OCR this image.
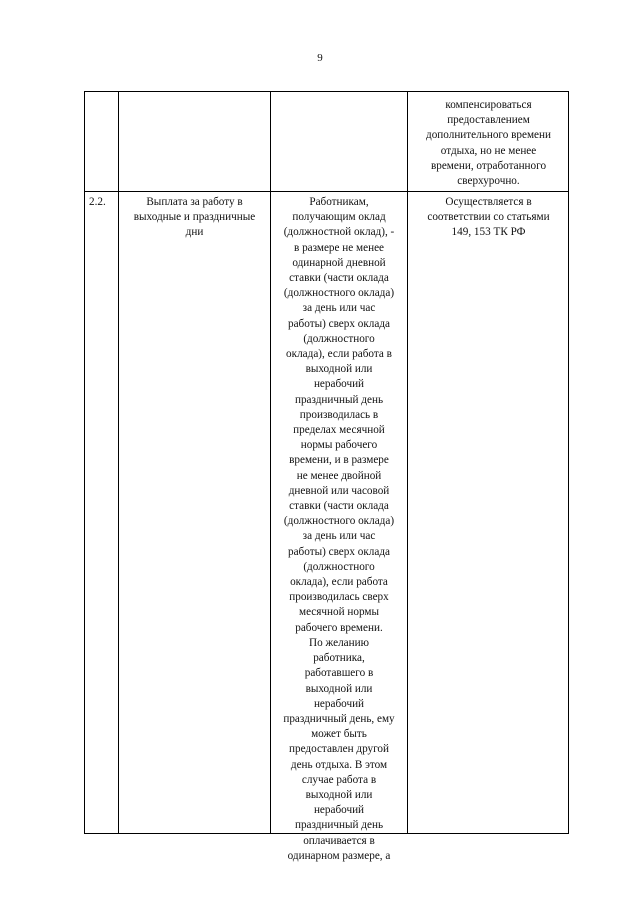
9
компенсироваться
предоставлением
дополнительного времени
отдыха, но не менее
времени, отработанного
сверхурочно.
2.2.	Выплата за работу в
выходные и праздничные
дни
Работникам,
получающим оклад
(должностной оклад), -
в размере не менее
одинарной дневной
ставки (части оклада
(должностного оклада)
за день или час
работы) сверх оклада
(должностного
оклада), если работа в
выходной или
нерабочий
праздничный день
производилась в
пределах месячной
нормы рабочего
времени, и в размере
не менее двойной
дневной или часовой
ставки (части оклада
(должностного оклада)
за день или час
работы) сверх оклада
(должностного
оклада), если работа
производилась сверх
месячной нормы
рабочего времени.
По желанию
работника,
работавшего в
выходной или
нерабочий
праздничный день, ему
может быть
предоставлен другой
день отдыха. В этом
случае работа в
выходной или
нерабочий
праздничный день
оплачивается в
одинарном размере, а
Осуществляется в
соответствии со статьями
149, 153 ТК РФ
